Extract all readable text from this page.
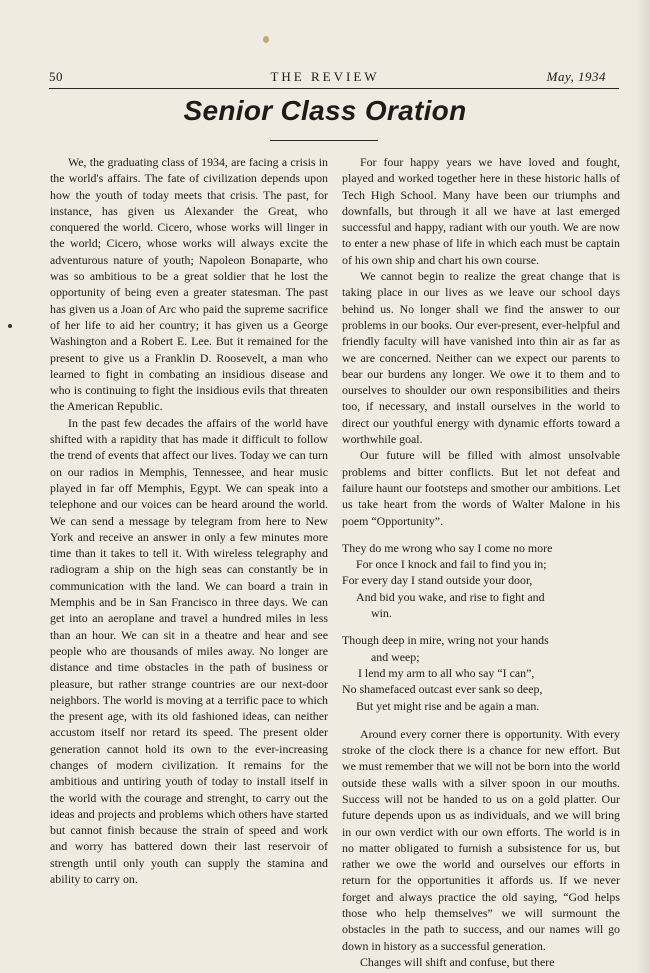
50	THE REVIEW	May, 1934
Senior Class Oration

We, the graduating class of 1934, are facing a crisis in the world's affairs. The fate of civilization depends upon how the youth of today meets that crisis. The past, for instance, has given us Alexander the Great, who conquered the world. Cicero, whose works will linger in the world; Cicero, whose works will always excite the adventurous nature of youth; Napoleon Bonaparte, who was so ambitious to be a great soldier that he lost the opportunity of being even a greater statesman. The past has given us a Joan of Arc who paid the supreme sacrifice of her life to aid her country; it has given us a George Washington and a Robert E. Lee. But it remained for the present to give us a Franklin D. Roosevelt, a man who learned to fight in combating an insidious disease and who is continuing to fight the insidious evils that threaten the American Republic.

In the past few decades the affairs of the world have shifted with a rapidity that has made it difficult to follow the trend of events that affect our lives. Today we can turn on our radios in Memphis, Tennessee, and hear music played in far off Memphis, Egypt. We can speak into a telephone and our voices can be heard around the world. We can send a message by telegram from here to New York and receive an answer in only a few minutes more time than it takes to tell it. With wireless telegraphy and radiogram a ship on the high seas can constantly be in communication with the land. We can board a train in Memphis and be in San Francisco in three days. We can get into an aeroplane and travel a hundred miles in less than an hour. We can sit in a theatre and hear and see people who are thousands of miles away. No longer are distance and time obstacles in the path of business or pleasure, but rather strange countries are our next-door neighbors. The world is moving at a terrific pace to which the present age, with its old fashioned ideas, can neither accustom itself nor retard its speed. The present older generation cannot hold its own to the ever-increasing changes of modern civilization. It remains for the ambitious and untiring youth of today to install itself in the world with the courage and strenght, to carry out the ideas and projects and problems which others have started but cannot finish because the strain of speed and work and worry has battered down their last reservoir of strength until only youth can supply the stamina and ability to carry on.

For four happy years we have loved and fought, played and worked together here in these historic halls of Tech High School. Many have been our triumphs and downfalls, but through it all we have at last emerged successful and happy, radiant with our youth. We are now to enter a new phase of life in which each must be captain of his own ship and chart his own course.

We cannot begin to realize the great change that is taking place in our lives as we leave our school days behind us. No longer shall we find the answer to our problems in our books. Our ever-present, ever-helpful and friendly faculty will have vanished into thin air as far as we are concerned. Neither can we expect our parents to bear our burdens any longer. We owe it to them and to ourselves to shoulder our own responsibilities and theirs too, if necessary, and install ourselves in the world to direct our youthful energy with dynamic efforts toward a worthwhile goal.

Our future will be filled with almost unsolvable problems and bitter conflicts. But let not defeat and failure haunt our footsteps and smother our ambitions. Let us take heart from the words of Walter Malone in his poem “Opportunity”.

They do me wrong who say I come no more
For once I knock and fail to find you in;
For every day I stand outside your door,
And bid you wake, and rise to fight and
win.
Though deep in mire, wring not your hands
and weep;
I lend my arm to all who say “I can”,
No shamefaced outcast ever sank so deep,
But yet might rise and be again a man.

Around every corner there is opportunity. With every stroke of the clock there is a chance for new effort. But we must remember that we will not be born into the world outside these walls with a silver spoon in our mouths. Success will not be handed to us on a gold platter. Our future depends upon us as individuals, and we will bring in our own verdict with our own efforts. The world is in no matter obligated to furnish a subsistence for us, but rather we owe the world and ourselves our efforts in return for the opportunities it affords us. If we never forget and always practice the old saying, “God helps those who help themselves” we will surmount the obstacles in the path to success, and our names will go down in history as a successful generation.

Changes will shift and confuse, but there
